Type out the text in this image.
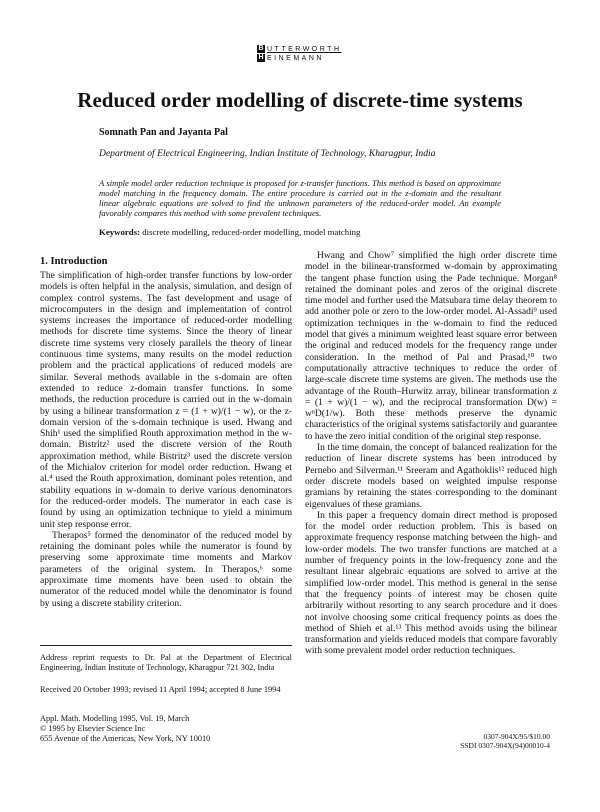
B UTTERWORTH
H EINEMANN
Reduced order modelling of discrete-time systems
Somnath Pan and Jayanta Pal
Department of Electrical Engineering, Indian Institute of Technology, Kharagpur, India
A simple model order reduction technique is proposed for z-transfer functions. This method is based on approximate model matching in the frequency domain. The entire procedure is carried out in the z-domain and the resultant linear algebraic equations are solved to find the unknown parameters of the reduced-order model. An example favorably compares this method with some prevalent techniques.
Keywords: discrete modelling, reduced-order modelling, model matching
1. Introduction

The simplification of high-order transfer functions by low-order models is often helpful in the analysis, simulation, and design of complex control systems. The fast development and usage of microcomputers in the design and implementation of control systems increases the importance of reduced-order modelling methods for discrete time systems. Since the theory of linear discrete time systems very closely parallels the theory of linear continuous time systems, many results on the model reduction problem and the practical applications of reduced models are similar. Several methods available in the s-domain are often extended to reduce z-domain transfer functions. In some methods, the reduction procedure is carried out in the w-domain by using a bilinear transformation z = (1 + w)/(1 − w), or the z-domain version of the s-domain technique is used. Hwang and Shih¹ used the simplified Routh approximation method in the w-domain. Bistritz² used the discrete version of the Routh approximation method, while Bistritz³ used the discrete version of the Michialov criterion for model order reduction. Hwang et al.⁴ used the Routh approximation, dominant poles retention, and stability equations in w-domain to derive various denominators for the reduced-order models. The numerator in each case is found by using an optimization technique to yield a minimum unit step response error.

Therapos⁵ formed the denominator of the reduced model by retaining the dominant poles while the numerator is found by preserving some approximate time moments and Markov parameters of the original system. In Therapos,⁶ some approximate time moments have been used to obtain the numerator of the reduced model while the denominator is found by using a discrete stability criterion.

Hwang and Chow⁷ simplified the high order discrete time model in the bilinear-transformed w-domain by approximating the tangent phase function using the Pade technique. Morgan⁸ retained the dominant poles and zeros of the original discrete time model and further used the Matsubara time delay theorem to add another pole or zero to the low-order model. Al-Assadi⁹ used optimization techniques in the w-domain to find the reduced model that gives a minimum weighted least square error between the original and reduced models for the frequency range under consideration. In the method of Pal and Prasad,¹⁰ two computationally attractive techniques to reduce the order of large-scale discrete time systems are given. The methods use the advantage of the Routh–Hurwitz array, bilinear transformation z = (1 + w)/(1 − w), and the reciprocal transformation D(w) = wⁿD(1/w). Both these methods preserve the dynamic characteristics of the original systems satisfactorily and guarantee to have the zero initial condition of the original step response.

In the time domain, the concept of balanced realization for the reduction of linear discrete systems has been introduced by Pernebo and Silverman.¹¹ Sreeram and Agathoklis¹² reduced high order discrete models based on weighted impulse response gramians by retaining the states corresponding to the dominant eigenvalues of these gramians.

In this paper a frequency domain direct method is proposed for the model order reduction problem. This is based on approximate frequency response matching between the high- and low-order models. The two transfer functions are matched at a number of frequency points in the low-frequency zone and the resultant linear algebraic equations are solved to arrive at the simplified low-order model. This method is general in the sense that the frequency points of interest may be chosen quite arbitrarily without resorting to any search procedure and it does not involve choosing some critical frequency points as does the method of Shieh et al.¹³ This method avoids using the bilinear transformation and yields reduced models that compare favorably with some prevalent model order reduction techniques.

Address reprint requests to Dr. Pal at the Department of Electrical Engineering, Indian Institute of Technology, Kharagpur 721 302, India
Received 20 October 1993; revised 11 April 1994; accepted 8 June 1994
Appl. Math. Modelling 1995, Vol. 19, March
© 1995 by Elsevier Science Inc
655 Avenue of the Americas, New York, NY 10010	0307-904X/95/$10.00
SSDI 0307-904X(94)00010-4
